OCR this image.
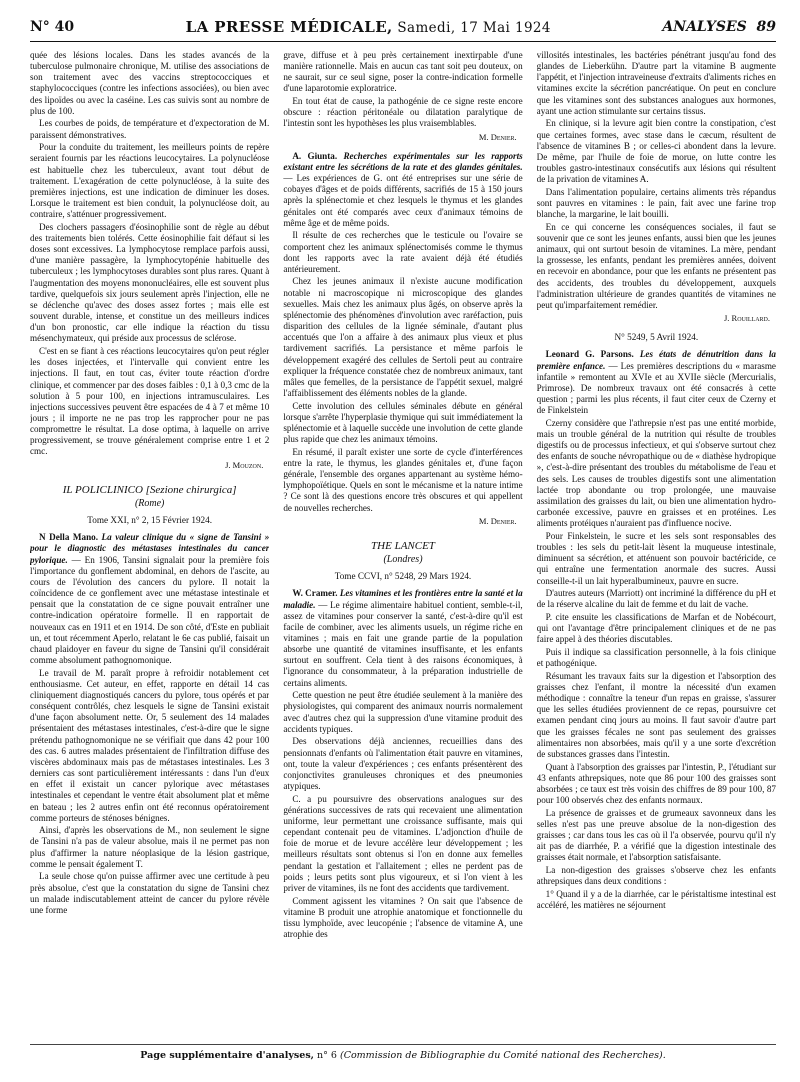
N° 40	LA PRESSE MÉDICALE, Samedi, 17 Mai 1924	ANALYSES 89

quée des lésions locales. Dans les stades avancés de la tuberculose pulmonaire chronique, M. utilise des associations de son traitement avec des vaccins streptococciques et staphylococciques (contre les infections associées), ou bien avec des lipoïdes ou avec la caséine. Les cas suivis sont au nombre de plus de 100.

Les courbes de poids, de température et d'expectoration de M. paraissent démonstratives.

Pour la conduite du traitement, les meilleurs points de repère seraient fournis par les réactions leucocytaires. La polynucléose est habituelle chez les tuberculeux, avant tout début de traitement. L'exagération de cette polynucléose, à la suite des premières injections, est une indication de diminuer les doses. Lorsque le traitement est bien conduit, la polynucléose doit, au contraire, s'atténuer progressivement.

Des clochers passagers d'éosinophilie sont de règle au début des traitements bien tolérés. Cette éosinophilie fait défaut si les doses sont excessives. La lymphocytose remplace parfois aussi, d'une manière passagère, la lymphocytopénie habituelle des tuberculeux ; les lymphocytoses durables sont plus rares. Quant à l'augmentation des moyens mononucléaires, elle est souvent plus tardive, quelquefois six jours seulement après l'injection, elle ne se déclenche qu'avec des doses assez fortes ; mais elle est souvent durable, intense, et constitue un des meilleurs indices d'un bon pronostic, car elle indique la réaction du tissu mésenchymateux, qui préside aux processus de sclérose.

C'est en se fiant à ces réactions leucocytaires qu'on peut régler les doses injectées, et l'intervalle qui convient entre les injections. Il faut, en tout cas, éviter toute réaction d'ordre clinique, et commencer par des doses faibles : 0,1 à 0,3 cmc de la solution à 5 pour 100, en injections intramusculaires. Les injections successives peuvent être espacées de 4 à 7 et même 10 jours ; il importe ne ne pas trop les rapprocher pour ne pas compromettre le résultat. La dose optima, à laquelle on arrive progressivement, se trouve généralement comprise entre 1 et 2 cmc.

J. Mouzon.
IL POLICLINICO [Sezione chirurgica]
(Rome)
Tome XXI, n° 2, 15 Février 1924.

N Della Mano. La valeur clinique du « signe de Tansini » pour le diagnostic des métastases intestinales du cancer pylorique. — En 1906, Tansini signalait pour la première fois l'importance du gonflement abdominal, en dehors de l'ascite, au cours de l'évolution des cancers du pylore. Il notait la coïncidence de ce gonflement avec une métastase intestinale et pensait que la constatation de ce signe pouvait entraîner une contre-indication opératoire formelle. Il en rapportait de nouveaux cas en 1911 et en 1914. De son côté, d'Este en publiait un, et tout récemment Aperlo, relatant le 6e cas publié, faisait un chaud plaidoyer en faveur du signe de Tansini qu'il considérait comme absolument pathognomonique.

Le travail de M. paraît propre à refroidir notablement cet enthousiasme. Cet auteur, en effet, rapporte en détail 14 cas cliniquement diagnostiqués cancers du pylore, tous opérés et par conséquent contrôlés, chez lesquels le signe de Tansini existait d'une façon absolument nette. Or, 5 seulement des 14 malades présentaient des métastases intestinales, c'est-à-dire que le signe prétendu pathognomonique ne se vérifiait que dans 42 pour 100 des cas. 6 autres malades présentaient de l'infiltration diffuse des viscères abdominaux mais pas de métastases intestinales. Les 3 derniers cas sont particulièrement intéressants : dans l'un d'eux en effet il existait un cancer pylorique avec métastases intestinales et cependant le ventre était absolument plat et même en bateau ; les 2 autres enfin ont été reconnus opératoirement comme porteurs de sténoses bénignes.

Ainsi, d'après les observations de M., non seulement le signe de Tansini n'a pas de valeur absolue, mais il ne permet pas non plus d'affirmer la nature néoplasique de la lésion gastrique, comme le pensait également T.

La seule chose qu'on puisse affirmer avec une certitude à peu près absolue, c'est que la constatation du signe de Tansini chez un malade indiscutablement atteint de cancer du pylore révèle une forme

grave, diffuse et à peu près certainement inextirpable d'une manière rationnelle. Mais en aucun cas tant soit peu douteux, on ne saurait, sur ce seul signe, poser la contre-indication formelle d'une laparotomie exploratrice.

En tout état de cause, la pathogénie de ce signe reste encore obscure : réaction péritonéale ou dilatation paralytique de l'intestin sont les hypothèses les plus vraisemblables.

M. Denier.

A. Giunta. Recherches expérimentales sur les rapports existant entre les sécrétions de la rate et des glandes génitales. — Les expériences de G. ont été entreprises sur une série de cobayes d'âges et de poids différents, sacrifiés de 15 à 150 jours après la splénectomie et chez lesquels le thymus et les glandes génitales ont été comparés avec ceux d'animaux témoins de même âge et de même poids.

Il résulte de ces recherches que le testicule ou l'ovaire se comportent chez les animaux splénectomisés comme le thymus dont les rapports avec la rate avaient déjà été étudiés antérieurement.

Chez les jeunes animaux il n'existe aucune modification notable ni macroscopique ni microscopique des glandes sexuelles. Mais chez les animaux plus âgés, on observe après la splénectomie des phénomènes d'involution avec raréfaction, puis disparition des cellules de la lignée séminale, d'autant plus accentués que l'on a affaire à des animaux plus vieux et plus tardivement sacrifiés. La persistance et même parfois le développement exagéré des cellules de Sertoli peut au contraire expliquer la fréquence constatée chez de nombreux animaux, tant mâles que femelles, de la persistance de l'appétit sexuel, malgré l'affaiblissement des éléments nobles de la glande.

Cette involution des cellules séminales débute en général lorsque s'arrête l'hyperplasie thymique qui suit immédiatement la splénectomie et à laquelle succède une involution de cette glande plus rapide que chez les animaux témoins.

En résumé, il paraît exister une sorte de cycle d'interférences entre la rate, le thymus, les glandes génitales et, d'une façon générale, l'ensemble des organes appartenant au système hémo-lymphopoïétique. Quels en sont le mécanisme et la nature intime ? Ce sont là des questions encore très obscures et qui appellent de nouvelles recherches.

M. Denier.
THE LANCET
(Londres)
Tome CCVI, n° 5248, 29 Mars 1924.

W. Cramer. Les vitamines et les frontières entre la santé et la maladie. — Le régime alimentaire habituel contient, semble-t-il, assez de vitamines pour conserver la santé, c'est-à-dire qu'il est facile de combiner, avec les aliments usuels, un régime riche en vitamines ; mais en fait une grande partie de la population absorbe une quantité de vitamines insuffisante, et les enfants surtout en souffrent. Cela tient à des raisons économiques, à l'ignorance du consommateur, à la préparation industrielle de certains aliments.

Cette question ne peut être étudiée seulement à la manière des physiologistes, qui comparent des animaux nourris normalement avec d'autres chez qui la suppression d'une vitamine produit des accidents typiques.

Des observations déjà anciennes, recueillies dans des pensionnats d'enfants où l'alimentation était pauvre en vitamines, ont, toute la valeur d'expériences ; ces enfants présentèrent des conjonctivites granuleuses chroniques et des pneumonies atypiques.

C. a pu poursuivre des observations analogues sur des générations successives de rats qui recevaient une alimentation uniforme, leur permettant une croissance suffisante, mais qui cependant contenait peu de vitamines. L'adjonction d'huile de foie de morue et de levure accélère leur développement ; les meilleurs résultats sont obtenus si l'on en donne aux femelles pendant la gestation et l'allaitement ; elles ne perdent pas de poids ; leurs petits sont plus vigoureux, et si l'on vient à les priver de vitamines, ils ne font des accidents que tardivement.

Comment agissent les vitamines ? On sait que l'absence de vitamine B produit une atrophie anatomique et fonctionnelle du tissu lymphoïde, avec leucopénie ; l'absence de vitamine A, une atrophie des

villosités intestinales, les bactéries pénétrant jusqu'au fond des glandes de Lieberkühn. D'autre part la vitamine B augmente l'appétit, et l'injection intraveineuse d'extraits d'aliments riches en vitamines excite la sécrétion pancréatique. On peut en conclure que les vitamines sont des substances analogues aux hormones, ayant une action stimulante sur certains tissus.

En clinique, si la levure agit bien contre la constipation, c'est que certaines formes, avec stase dans le cæcum, résultent de l'absence de vitamines B ; or celles-ci abondent dans la levure. De même, par l'huile de foie de morue, on lutte contre les troubles gastro-intestinaux consécutifs aux lésions qui résultent de la privation de vitamines A.

Dans l'alimentation populaire, certains aliments très répandus sont pauvres en vitamines : le pain, fait avec une farine trop blanche, la margarine, le lait bouilli.

En ce qui concerne les conséquences sociales, il faut se souvenir que ce sont les jeunes enfants, aussi bien que les jeunes animaux, qui ont surtout besoin de vitamines. La mère, pendant la grossesse, les enfants, pendant les premières années, doivent en recevoir en abondance, pour que les enfants ne présentent pas des accidents, des troubles du développement, auxquels l'administration ultérieure de grandes quantités de vitamines ne peut qu'imparfaitement remédier.

J. Rouillard.
N° 5249, 5 Avril 1924.

Leonard G. Parsons. Les états de dénutrition dans la première enfance. — Les premières descriptions du « marasme infantile » remontent au XVIe et au XVIIe siècle (Mercurialis, Primrose). De nombreux travaux ont été consacrés à cette question ; parmi les plus récents, il faut citer ceux de Czerny et de Finkelstein

Czerny considère que l'athrepsie n'est pas une entité morbide, mais un trouble général de la nutrition qui résulte de troubles digestifs ou de processus infectieux, et qui s'observe surtout chez des enfants de souche névropathique ou de « diathèse hydropique », c'est-à-dire présentant des troubles du métabolisme de l'eau et des sels. Les causes de troubles digestifs sont une alimentation lactée trop abondante ou trop prolongée, une mauvaise assimilation des graisses du lait, ou bien une alimentation hydro-carbonée excessive, pauvre en graisses et en protéines. Les aliments protéiques n'auraient pas d'influence nocive.

Pour Finkelstein, le sucre et les sels sont responsables des troubles : les sels du petit-lait lèsent la muqueuse intestinale, diminuent sa sécrétion, et atténuent son pouvoir bactéricide, ce qui entraîne une fermentation anormale des sucres. Aussi conseille-t-il un lait hyperalbumineux, pauvre en sucre.

D'autres auteurs (Marriott) ont incriminé la différence du pH et de la réserve alcaline du lait de femme et du lait de vache.

P. cite ensuite les classifications de Marfan et de Nobécourt, qui ont l'avantage d'être principalement cliniques et de ne pas faire appel à des théories discutables.

Puis il indique sa classification personnelle, à la fois clinique et pathogénique.

Résumant les travaux faits sur la digestion et l'absorption des graisses chez l'enfant, il montre la nécessité d'un examen méthodique : connaître la teneur d'un repas en graisse, s'assurer que les selles étudiées proviennent de ce repas, poursuivre cet examen pendant cinq jours au moins. Il faut savoir d'autre part que les graisses fécales ne sont pas seulement des graisses alimentaires non absorbées, mais qu'il y a une sorte d'excrétion de substances grasses dans l'intestin.

Quant à l'absorption des graisses par l'intestin, P., l'étudiant sur 43 enfants athrepsiques, note que 86 pour 100 des graisses sont absorbées ; ce taux est très voisin des chiffres de 89 pour 100, 87 pour 100 observés chez des enfants normaux.

La présence de graisses et de grumeaux savonneux dans les selles n'est pas une preuve absolue de la non-digestion des graisses ; car dans tous les cas où il l'a observée, pourvu qu'il n'y ait pas de diarrhée, P. a vérifié que la digestion intestinale des graisses était normale, et l'absorption satisfaisante.

La non-digestion des graisses s'observe chez les enfants athrepsiques dans deux conditions :

1° Quand il y a de la diarrhée, car le péristaltisme intestinal est accéléré, les matières ne séjournent

Page supplémentaire d'analyses, n° 6 (Commission de Bibliographie du Comité national des Recherches).
